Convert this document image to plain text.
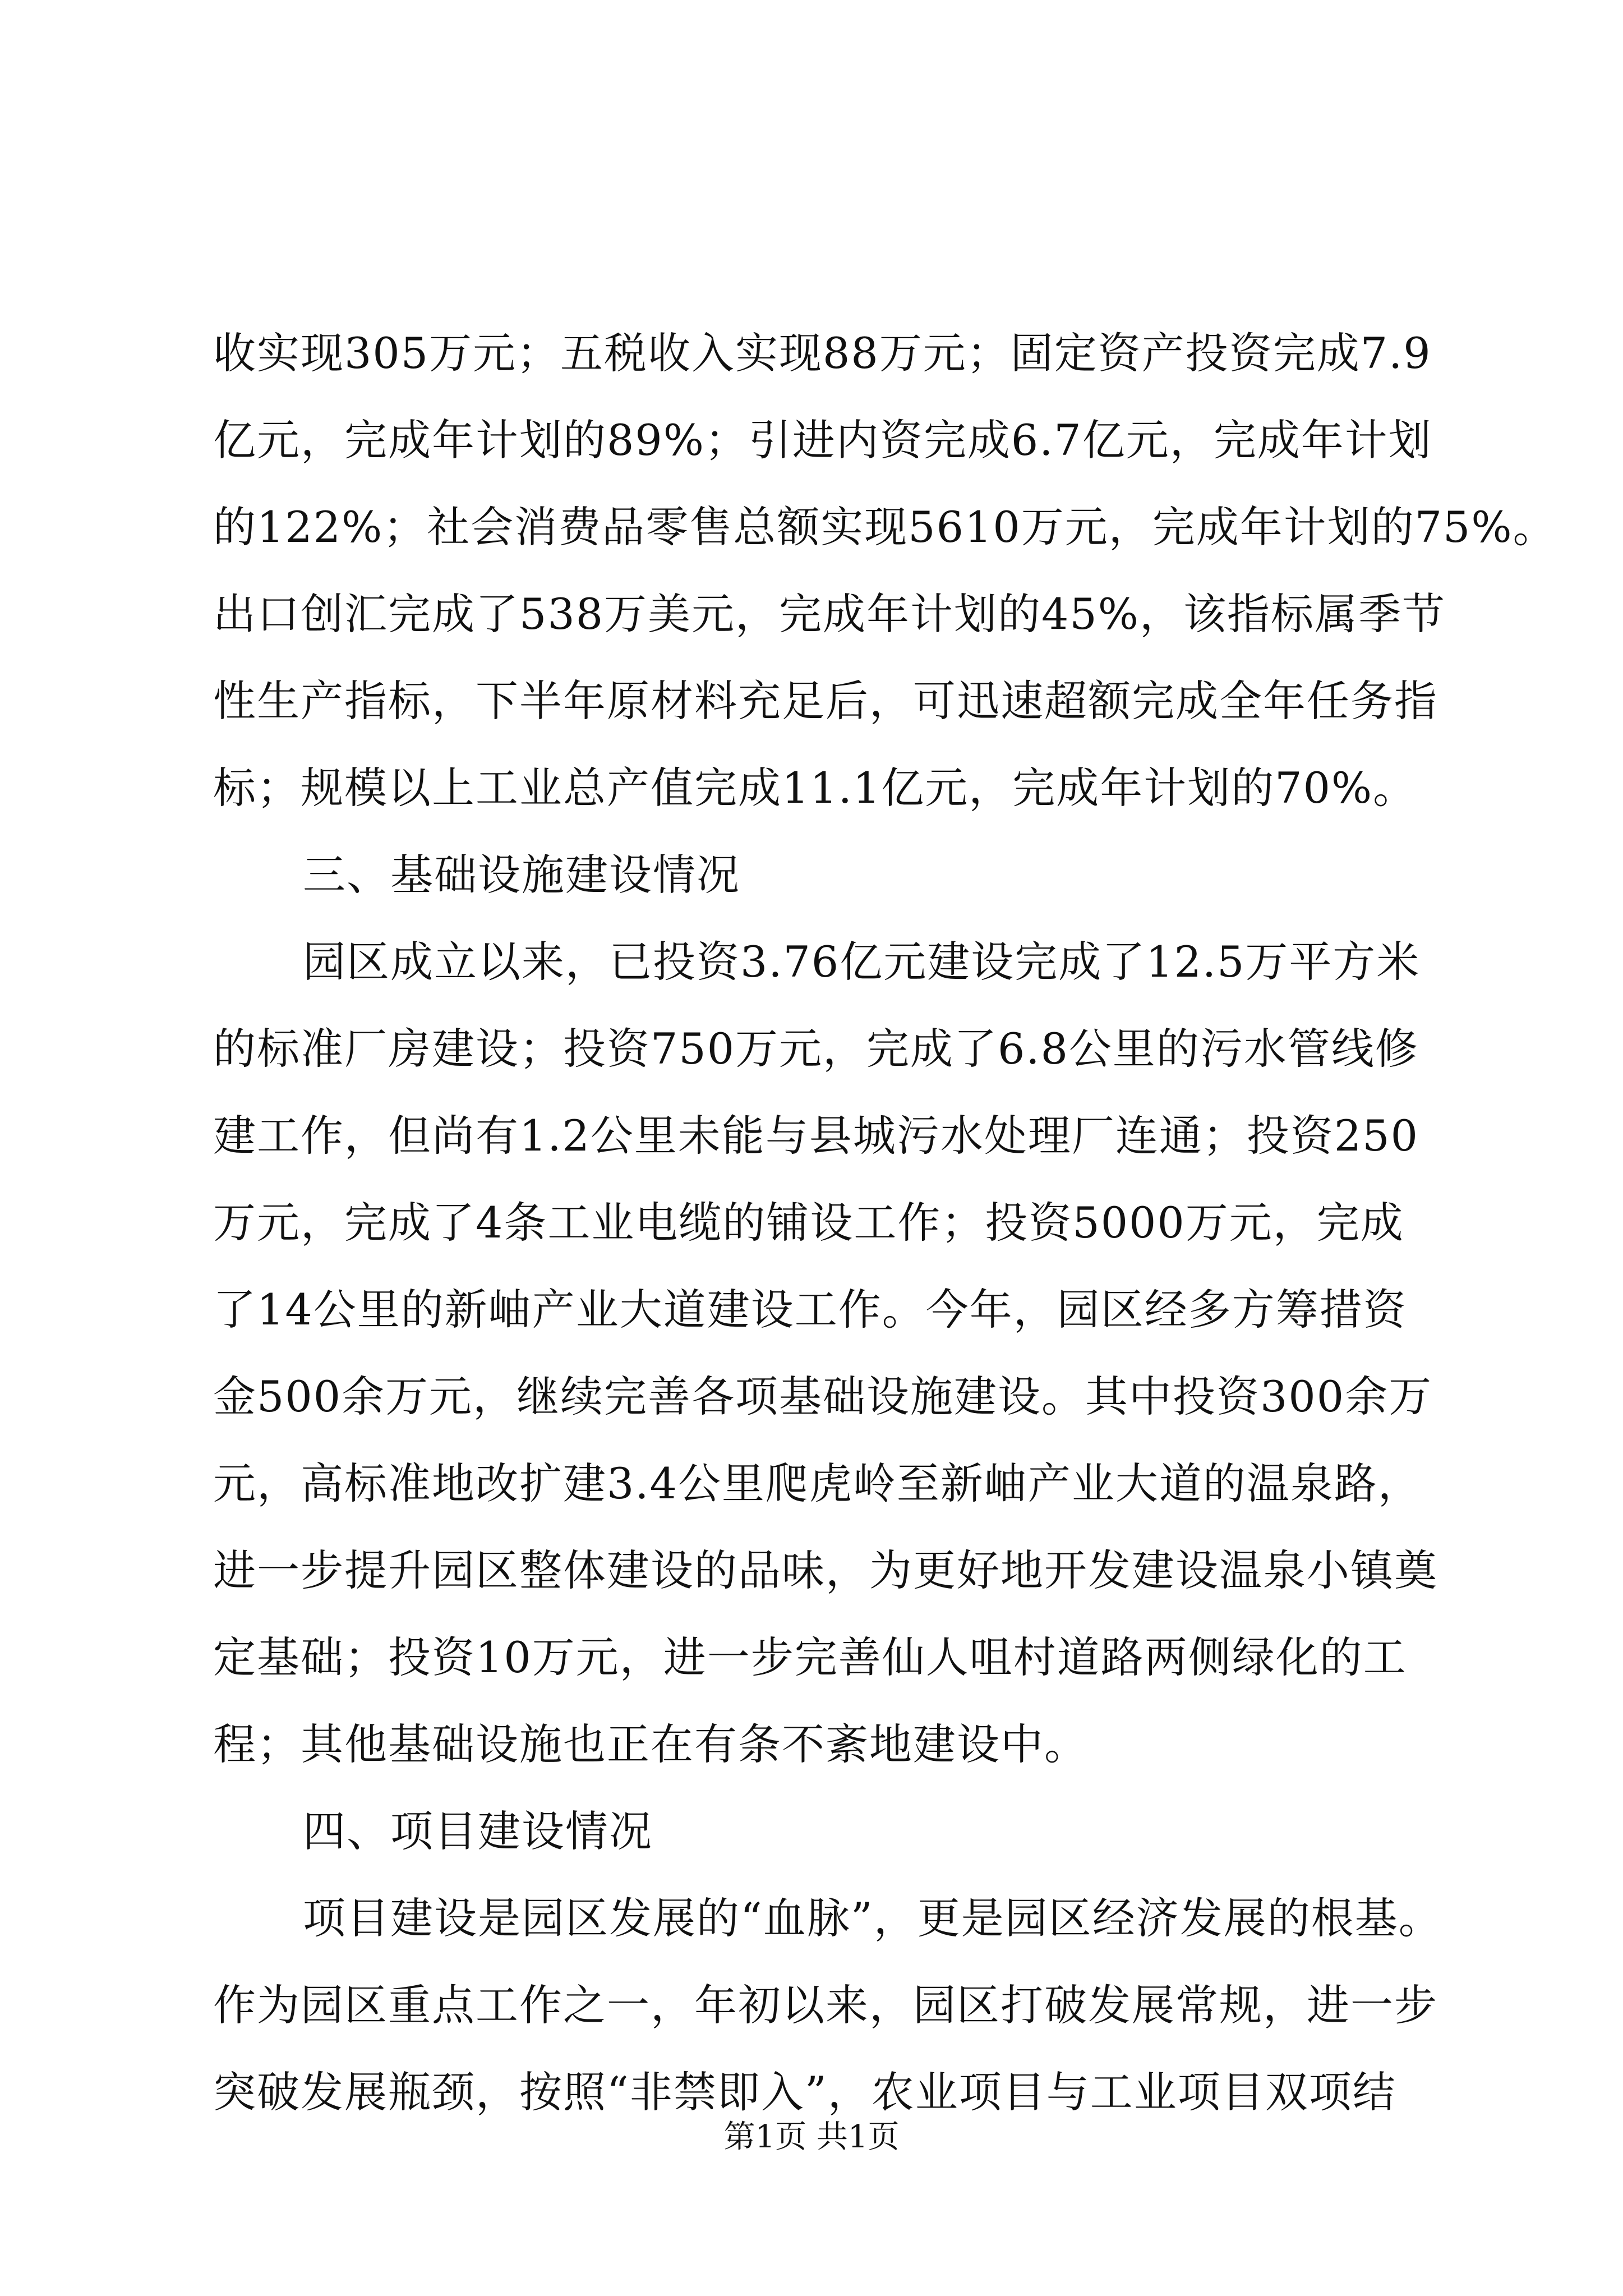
收实现305万元；五税收入实现88万元；固定资产投资完成7.9
亿元，完成年计划的89%；引进内资完成6.7亿元，完成年计划
的122%；社会消费品零售总额实现5610万元，完成年计划的75%。
出口创汇完成了538万美元，完成年计划的45%，该指标属季节
性生产指标，下半年原材料充足后，可迅速超额完成全年任务指
标；规模以上工业总产值完成11.1亿元，完成年计划的70%。
三、基础设施建设情况
园区成立以来，已投资3.76亿元建设完成了12.5万平方米
的标准厂房建设；投资750万元，完成了6.8公里的污水管线修
建工作，但尚有1.2公里未能与县城污水处理厂连通；投资250
万元，完成了4条工业电缆的铺设工作；投资5000万元，完成
了14公里的新岫产业大道建设工作。今年，园区经多方筹措资
金500余万元，继续完善各项基础设施建设。其中投资300余万
元，高标准地改扩建3.4公里爬虎岭至新岫产业大道的温泉路，
进一步提升园区整体建设的品味，为更好地开发建设温泉小镇奠
定基础；投资10万元，进一步完善仙人咀村道路两侧绿化的工
程；其他基础设施也正在有条不紊地建设中。
四、项目建设情况
项目建设是园区发展的“血脉”，更是园区经济发展的根基。
作为园区重点工作之一，年初以来，园区打破发展常规，进一步
突破发展瓶颈，按照“非禁即入”，农业项目与工业项目双项结
第1页 共1页
